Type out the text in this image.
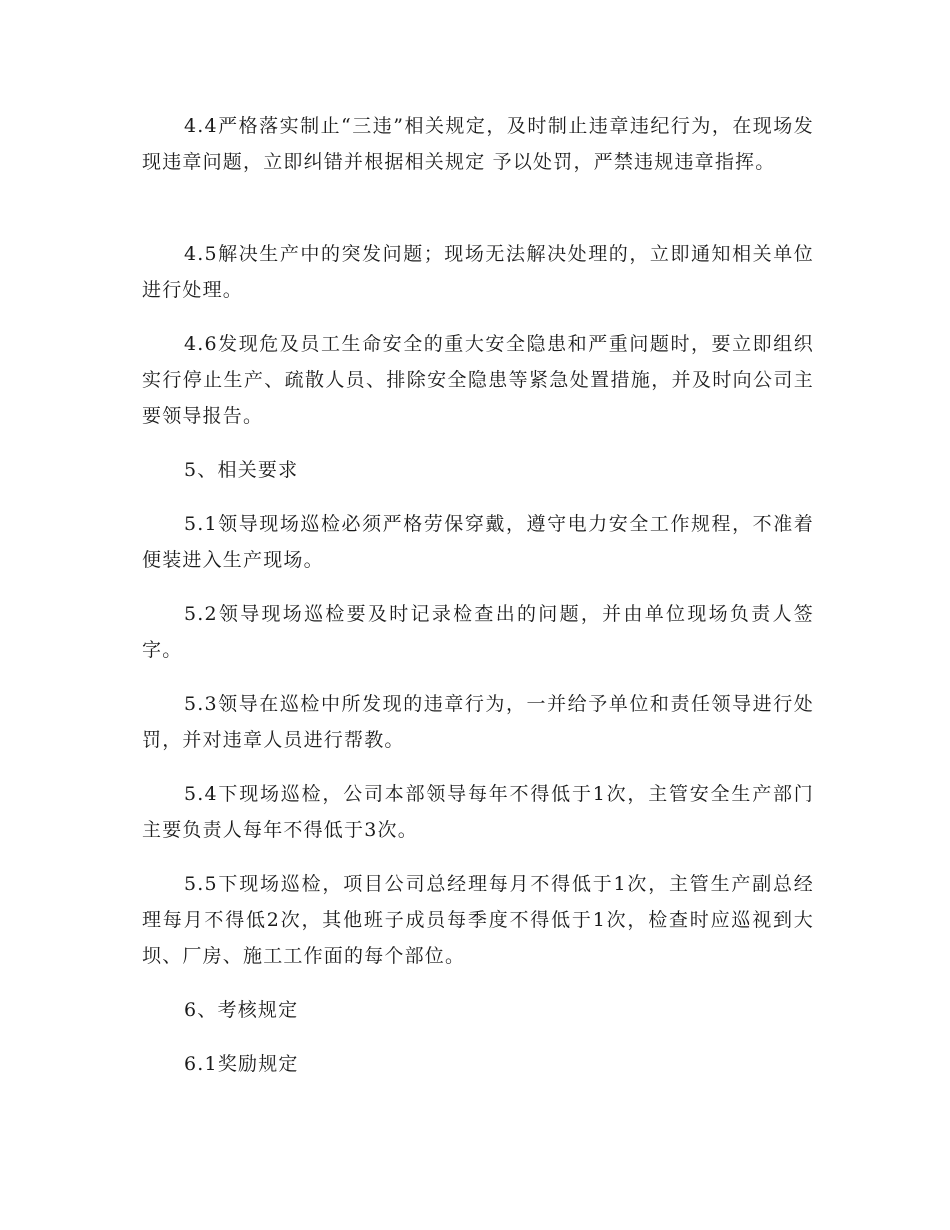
4.4严格落实制止“三违”相关规定，及时制止违章违纪行为，在现场发现违章问题，立即纠错并根据相关规定 予以处罚，严禁违规违章指挥。

4.5解决生产中的突发问题；现场无法解决处理的，立即通知相关单位进行处理。

4.6发现危及员工生命安全的重大安全隐患和严重问题时，要立即组织实行停止生产、疏散人员、排除安全隐患等紧急处置措施，并及时向公司主要领导报告。

5、相关要求

5.1领导现场巡检必须严格劳保穿戴，遵守电力安全工作规程，不准着便装进入生产现场。

5.2领导现场巡检要及时记录检查出的问题，并由单位现场负责人签字。

5.3领导在巡检中所发现的违章行为，一并给予单位和责任领导进行处罚，并对违章人员进行帮教。

5.4下现场巡检，公司本部领导每年不得低于1次，主管安全生产部门主要负责人每年不得低于3次。

5.5下现场巡检，项目公司总经理每月不得低于1次，主管生产副总经理每月不得低2次，其他班子成员每季度不得低于1次，检查时应巡视到大坝、厂房、施工工作面的每个部位。

6、考核规定

6.1奖励规定
